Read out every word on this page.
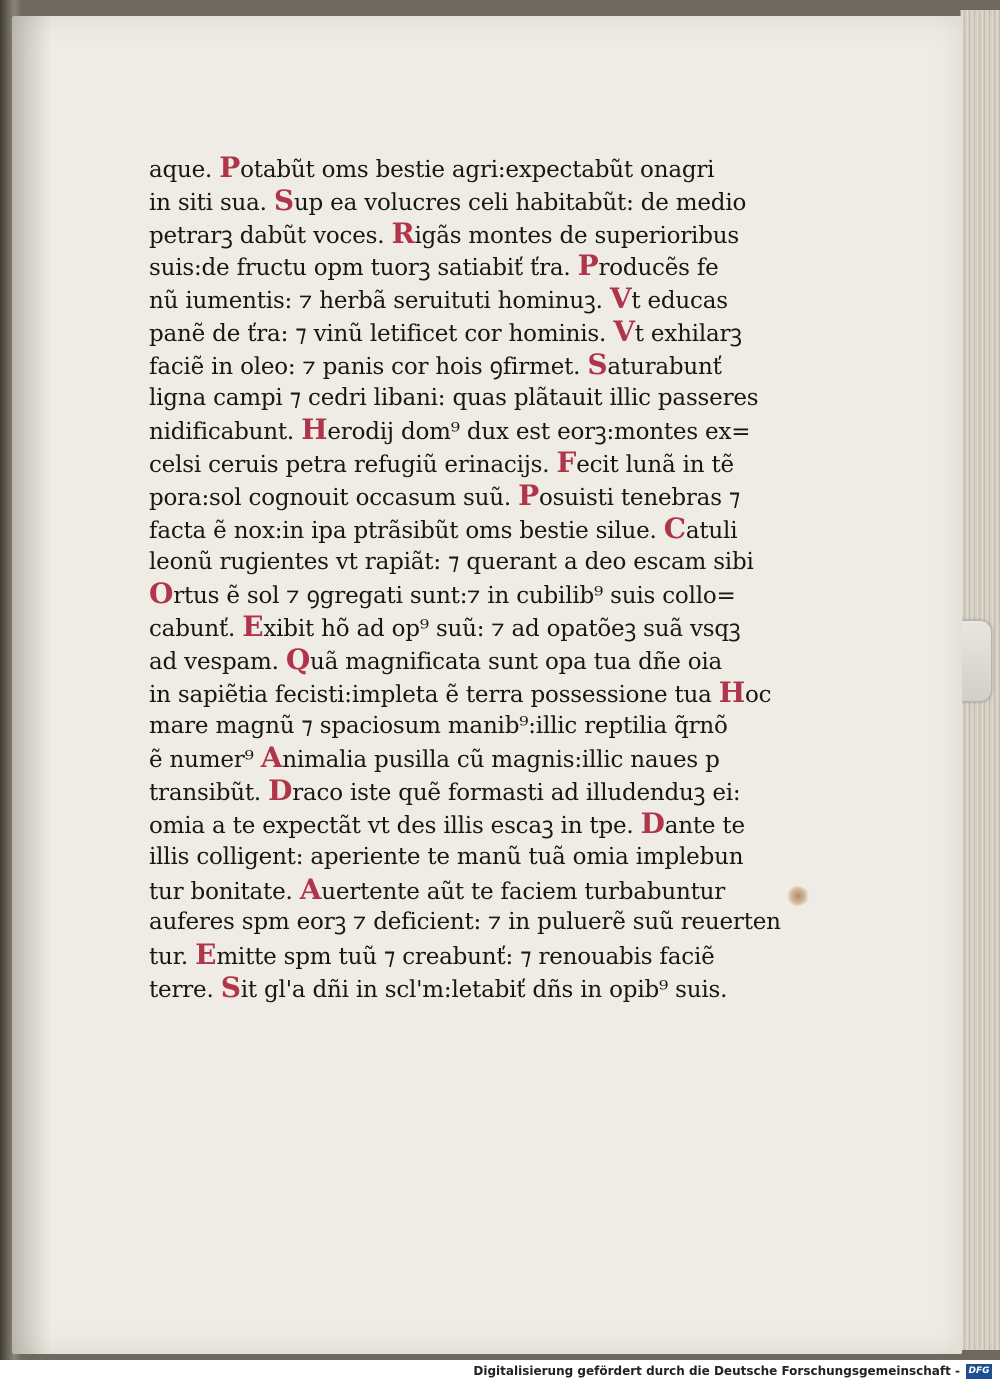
aque. Potabũt oms bestie agri:expectabũt onagri
in siti sua. Sup ea volucres celi habitabũt: de medio
petrarꝫ dabũt voces. Rigãs montes de superioribus
suis:de fructu opm tuorꝫ satiabiť ťra. Producẽs fe
nũ iumentis: ⁊ herbã seruituti hominuꝫ. Vt educas
panẽ de ťra: ⁊ vinũ letificet cor hominis. Vt exhilarꝫ
faciẽ in oleo: ⁊ panis cor hois ꝯfirmet. Saturabunť
ligna campi ⁊ cedri libani: quas plãtauit illic passeres
nidificabunt. Herodij dom⁹ dux est eorꝫ:montes ex=
celsi ceruis petra refugiũ erinacijs. Fecit lunã in tẽ
pora:sol cognouit occasum suũ. Posuisti tenebras ⁊
facta ẽ nox:in ipa ptrãsibũt oms bestie silue. Catuli
leonũ rugientes vt rapiãt: ⁊ querant a deo escam sibi
Ortus ẽ sol ⁊ ꝯgregati sunt:⁊ in cubilib⁹ suis collo=
cabunť. Exibit hõ ad op⁹ suũ: ⁊ ad opatõeꝫ suã vsqꝫ
ad vespam. Quã magnificata sunt opa tua dñe oia
in sapiẽtia fecisti:impleta ẽ terra possessione tua Hoc
mare magnũ ⁊ spaciosum manib⁹:illic reptilia q̃rnõ
ẽ numer⁹ Animalia pusilla cũ magnis:illic naues p
transibũt. Draco iste quẽ formasti ad illudenduꝫ ei:
omia a te expectãt vt des illis escaꝫ in tpe. Dante te
illis colligent: aperiente te manũ tuã omia implebun
tur bonitate. Auertente aũt te faciem turbabuntur
auferes spm eorꝫ ⁊ deficient: ⁊ in puluerẽ suũ reuerten
tur. Emitte spm tuũ ⁊ creabunť: ⁊ renouabis faciẽ
terre. Sit gl'a dñi in scl'm:letabiť dñs in opib⁹ suis.
Digitalisierung gefördert durch die Deutsche Forschungsgemeinschaft - DFG
